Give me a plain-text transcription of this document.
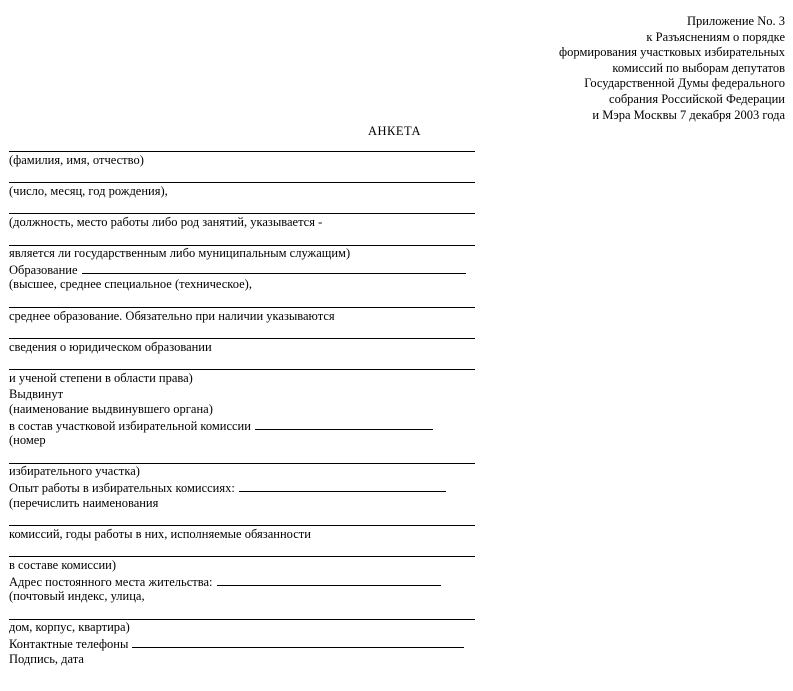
Приложение No. 3
к Разъяснениям о порядке
формирования участковых избирательных
комиссий по выборам депутатов
Государственной Думы федерального
собрания Российской Федерации
и Мэра Москвы 7 декабря 2003 года
АНКЕТА
(фамилия, имя, отчество)
(число, месяц, год рождения),
(должность, место работы либо род занятий, указывается -
является ли государственным либо муниципальным служащим)
Образование
(высшее, среднее специальное (техническое),
среднее образование. Обязательно при наличии указываются
сведения о юридическом образовании
и ученой степени в области права)
Выдвинут
(наименование выдвинувшего органа)
в состав участковой избирательной комиссии
(номер
избирательного участка)
Опыт работы в избирательных комиссиях:
(перечислить наименования
комиссий, годы работы в них, исполняемые обязанности
в составе комиссии)
Адрес постоянного места жительства:
(почтовый индекс, улица,
дом, корпус, квартира)
Контактные телефоны
Подпись, дата
